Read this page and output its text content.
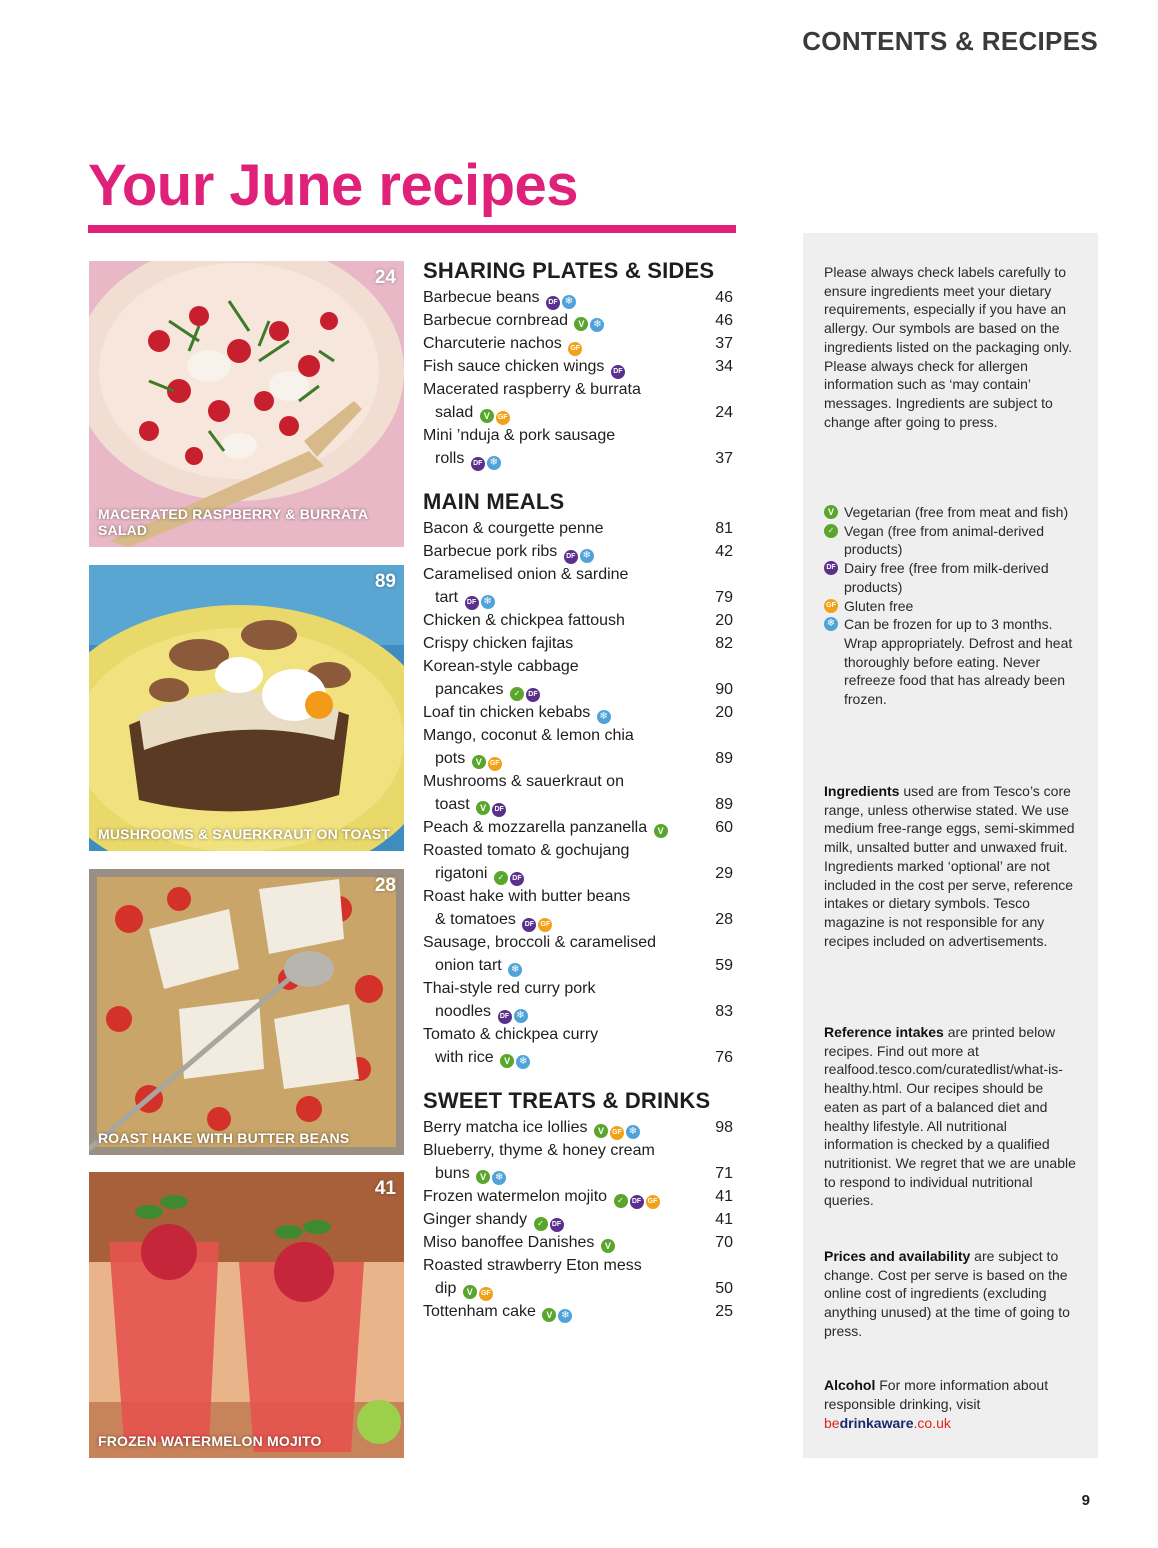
CONTENTS & RECIPES
Your June recipes
24
MACERATED RASPBERRY & BURRATA SALAD
89
MUSHROOMS & SAUERKRAUT ON TOAST
28
ROAST HAKE WITH BUTTER BEANS
41
FROZEN WATERMELON MOJITO
SHARING PLATES & SIDES
Barbecue beans DF ❄	46
Barbecue cornbread V ❄	46
Charcuterie nachos GF	37
Fish sauce chicken wings DF	34
Macerated raspberry & burrata
salad V GF	24
Mini ’nduja & pork sausage
rolls DF ❄	37
MAIN MEALS
Bacon & courgette penne	81
Barbecue pork ribs DF ❄	42
Caramelised onion & sardine
tart DF ❄	79
Chicken & chickpea fattoush	20
Crispy chicken fajitas	82
Korean-style cabbage
pancakes ✓ DF	90
Loaf tin chicken kebabs ❄	20
Mango, coconut & lemon chia
pots V GF	89
Mushrooms & sauerkraut on
toast V DF	89
Peach & mozzarella panzanella V	60
Roasted tomato & gochujang
rigatoni ✓ DF	29
Roast hake with butter beans
& tomatoes DF GF	28
Sausage, broccoli & caramelised
onion tart ❄	59
Thai-style red curry pork
noodles DF ❄	83
Tomato & chickpea curry
with rice V ❄	76
SWEET TREATS & DRINKS
Berry matcha ice lollies V GF ❄	98
Blueberry, thyme & honey cream
buns V ❄	71
Frozen watermelon mojito ✓ DF GF	41
Ginger shandy ✓ DF	41
Miso banoffee Danishes V	70
Roasted strawberry Eton mess
dip V GF	50
Tottenham cake V ❄	25

Please always check labels carefully to ensure ingredients meet your dietary requirements, especially if you have an allergy. Our symbols are based on the ingredients listed on the packaging only. Please always check for allergen information such as ‘may contain’ messages. Ingredients are subject to change after going to press.

V Vegetarian (free from meat and fish)
✓ Vegan (free from animal-derived products)
DF Dairy free (free from milk-derived products)
GF Gluten free
❄ Can be frozen for up to 3 months. Wrap appropriately. Defrost and heat thoroughly before eating. Never refreeze food that has already been frozen.

Ingredients used are from Tesco’s core range, unless otherwise stated. We use medium free-range eggs, semi-skimmed milk, unsalted butter and unwaxed fruit. Ingredients marked ‘optional’ are not included in the cost per serve, reference intakes or dietary symbols. Tesco magazine is not responsible for any recipes included on advertisements.

Reference intakes are printed below recipes. Find out more at realfood.tesco.com/curatedlist/what-is-healthy.html. Our recipes should be eaten as part of a balanced diet and healthy lifestyle. All nutritional information is checked by a qualified nutritionist. We regret that we are unable to respond to individual nutritional queries.

Prices and availability are subject to change. Cost per serve is based on the online cost of ingredients (excluding anything unused) at the time of going to press.

Alcohol For more information about responsible drinking, visit

bedrinkaware.co.uk
9
